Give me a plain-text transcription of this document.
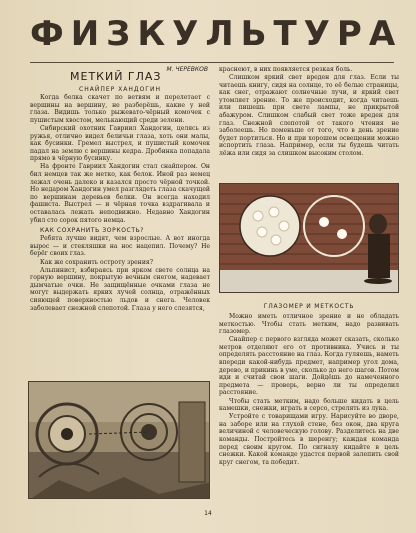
ФИЗКУЛЬТУРА
М. ЧЕРЕВКОВ
МЕТКИЙ ГЛАЗ

СНАЙПЕР ХАНДОГИН

Когда белка скачет по ветвям и перелетает с вершины на вершину, не разберёшь, какие у ней глаза. Видишь только рыжевато-чёрный комочек с пушистым хвостом, мелькающий среди зелени.

Сибирский охотник Гавриил Хандогин, целясь из ружья, отлично видел беличьи глаза, хоть они малы, как бусинки. Гремел выстрел, и пушистый комочек падал на землю с вершины кедра. Дробинка попадала прямо в чёрную бусинку.

На фронте Гавриил Хандогин стал снайпером. Он бил немцев так же метко, как белок. Иной раз немец лежал очень далеко и казался просто чёрной точкой. Но недаром Хандогин умел разглядеть глаза скачущей по вершинам деревьев белки. Он всегда находил фашиста. Выстрел — и чёрная точка вздрагивала и оставалась лежать неподвижно. Недавно Хандогин убил сто сорок пятого немца.

КАК СОХРАНИТЬ ЗОРКОСТЬ?

Ребята лучше видят, чем взрослые. А вот иногда вырос — и стекляшки на нос нацепил. Почему? Не берёг своих глаз.

Как же сохранить остроту зрения?

Альпинист, взбираясь при ярком свете солнца на горную вершину, покрытую вечным снегом, надевает дымчатые очки. Не защищённые очками глаза не могут выдержать ярких лучей солнца, отражённых сияющей поверхностью льдов и снега. Человек заболевает снежной слепотой. Глаза у него слезятся,

краснеют, в них появляется резкая боль.

Слишком яркий свет вреден для глаз. Если ты читаешь книгу, сидя на солнце, то её белые страницы, как снег, отражают солнечные лучи, и яркий свет утомляет зрение. То же происходит, когда читаешь или пишешь при свете лампы, не прикрытой абажуром. Слишком слабый свет тоже вреден для глаз. Снежной слепотой от такого чтения не заболеешь. Но поменьше от того, что в день зрение будет портиться. Но и при хорошем освещении можно испортить глаза. Например, если ты будешь читать лёжа или сидя за слишком высоким столом.

ГЛАЗОМЕР И МЕТКОСТЬ

Можно иметь отличное зрение и не обладать меткостью. Чтобы стать метким, надо развивать глазомер.

Снайпер с первого взгляда может сказать, сколько метров отделяют его от противника. Учись и ты определять расстояние на глаз. Когда гуляешь, наметь впереди какой-нибудь предмет, например угол дома, дерево, и прикинь в уме, сколько до него шагов. Потом иди и считай свои шаги. Дойдёшь до намеченного предмета — проверь, верно ли ты определил расстояние.

Чтобы стать метким, надо больше кидать в цель камешки, снежки, играть в серсо, стрелять из лука.

Устройте с товарищами игру. Нарисуйте во дворе, на заборе или на глухой стене, без окон, два круга величиной с человеческую голову. Разделитесь на две команды. Постройтесь в шеренгу; каждая команда перед своим кругом. По сигналу кидайте в цель снежки. Какой команде удастся первой залепить свой круг снегом, та победит.

14
